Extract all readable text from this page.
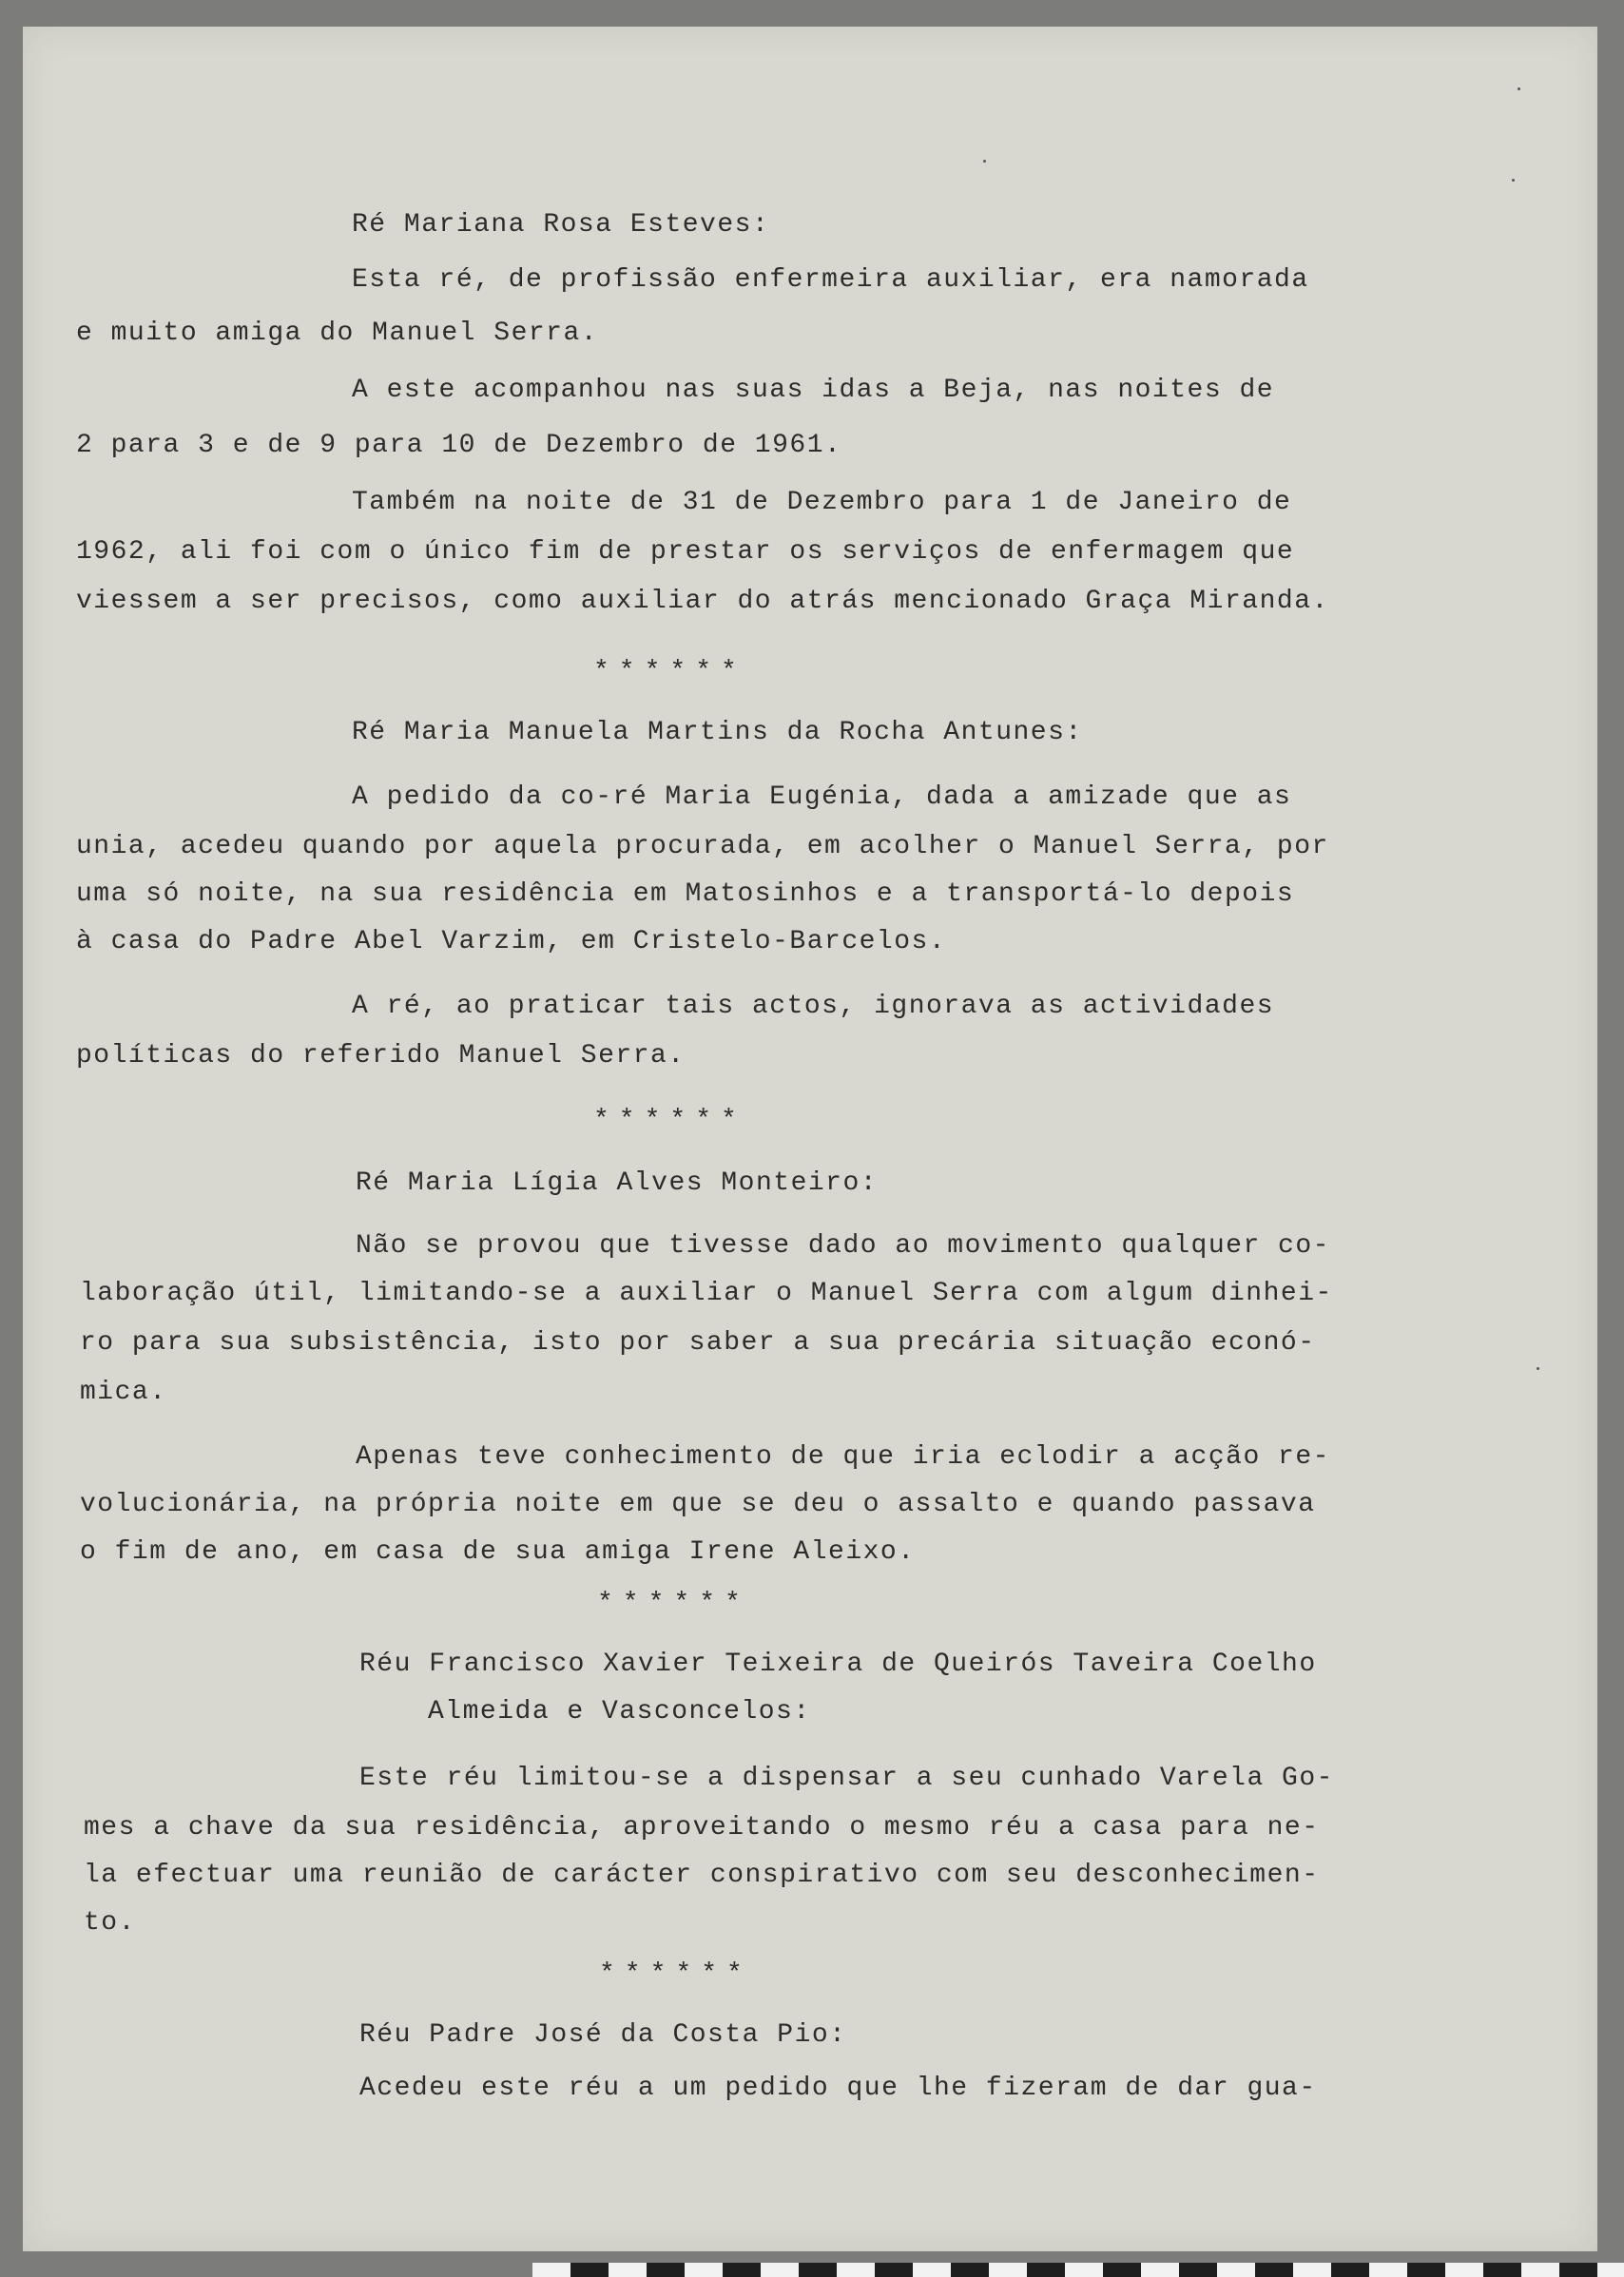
Ré Mariana Rosa Esteves:
Esta ré, de profissão enfermeira auxiliar, era namorada
e muito amiga do Manuel Serra.
A este acompanhou nas suas idas a Beja, nas noites de
2 para 3 e de 9 para 10 de Dezembro de 1961.
Também na noite de 31 de Dezembro para 1 de Janeiro de
1962, ali foi com o único fim de prestar os serviços de enfermagem que
viessem a ser precisos, como auxiliar do atrás mencionado Graça Miranda.
******
Ré Maria Manuela Martins da Rocha Antunes:
A pedido da co-ré Maria Eugénia, dada a amizade que as
unia, acedeu quando por aquela procurada, em acolher o Manuel Serra, por
uma só noite, na sua residência em Matosinhos e a transportá-lo depois
à casa do Padre Abel Varzim, em Cristelo-Barcelos.
A ré, ao praticar tais actos, ignorava as actividades
políticas do referido Manuel Serra.
******
Ré Maria Lígia Alves Monteiro:
Não se provou que tivesse dado ao movimento qualquer co-
laboração útil, limitando-se a auxiliar o Manuel Serra com algum dinhei-
ro para sua subsistência, isto por saber a sua precária situação econó-
mica.
Apenas teve conhecimento de que iria eclodir a acção re-
volucionária, na própria noite em que se deu o assalto e quando passava
o fim de ano, em casa de sua amiga Irene Aleixo.
******
Réu Francisco Xavier Teixeira de Queirós Taveira Coelho
Almeida e Vasconcelos:
Este réu limitou-se a dispensar a seu cunhado Varela Go-
mes a chave da sua residência, aproveitando o mesmo réu a casa para ne-
la efectuar uma reunião de carácter conspirativo com seu desconhecimen-
to.
******
Réu Padre José da Costa Pio:
Acedeu este réu a um pedido que lhe fizeram de dar gua-
